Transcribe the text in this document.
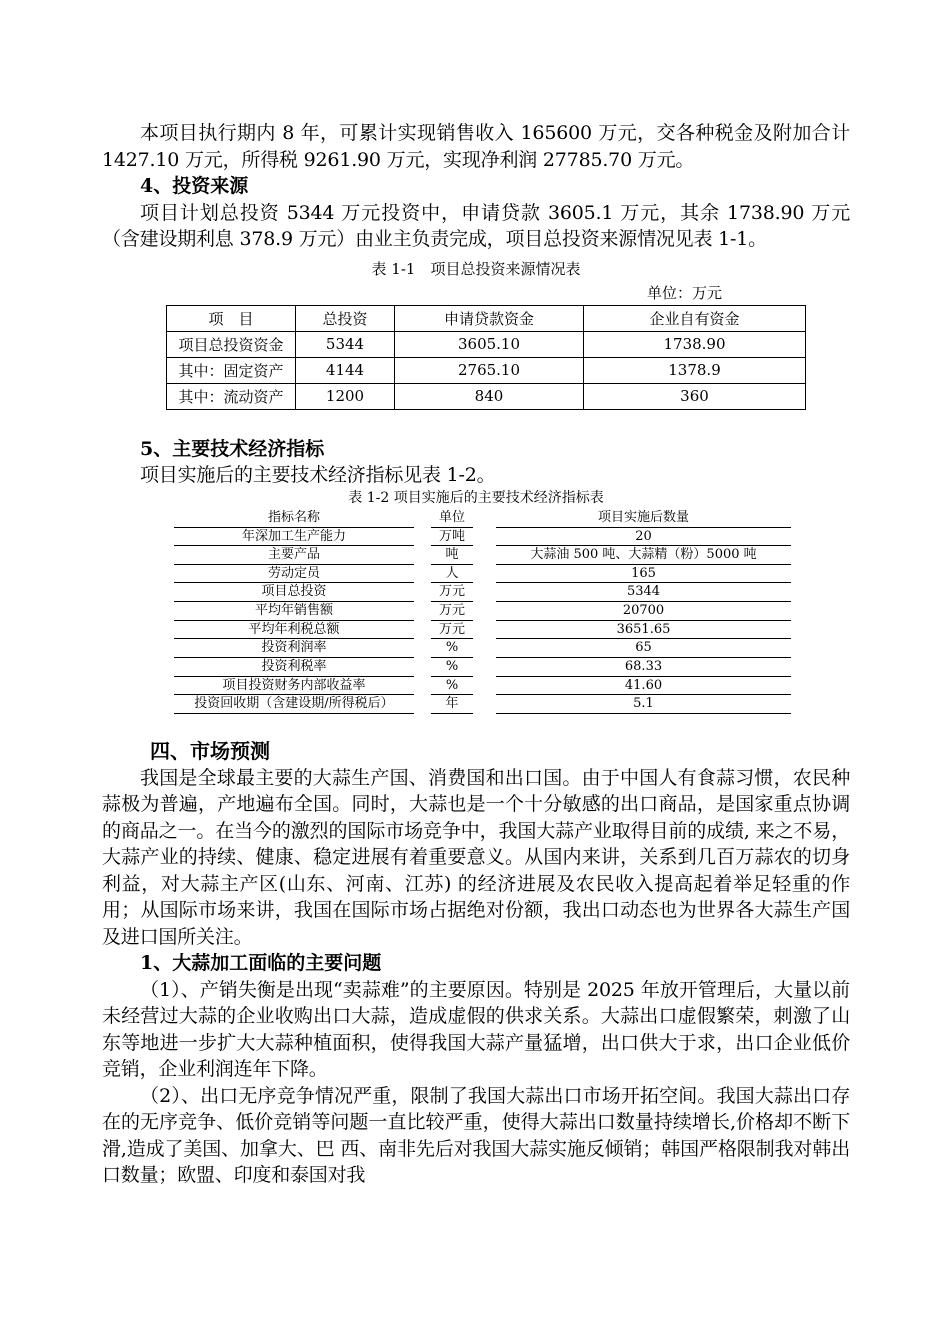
本项目执行期内 8 年，可累计实现销售收入 165600 万元，交各种税金及附加合计 1427.10 万元，所得税 9261.90 万元，实现净利润 27785.70 万元。

4、投资来源

项目计划总投资 5344 万元投资中，申请贷款 3605.1 万元，其余 1738.90 万元（含建设期利息 378.9 万元）由业主负责完成，项目总投资来源情况见表 1-1。

表 1-1　项目总投资来源情况表
单位：万元
项　目	总投资	申请贷款资金	企业自有资金
项目总投资资金	5344	3605.10	1738.90
其中：固定资产	4144	2765.10	1378.9
其中：流动资产	1200	840	360

5、主要技术经济指标

项目实施后的主要技术经济指标见表 1-2。

表 1-2 项目实施后的主要技术经济指标表
指标名称	单位	项目实施后数量
年深加工生产能力	万吨	20
主要产品	吨	大蒜油 500 吨、大蒜精（粉）5000 吨
劳动定员	人	165
项目总投资	万元	5344
平均年销售额	万元	20700
平均年利税总额	万元	3651.65
投资利润率	%	65
投资利税率	%	68.33
项目投资财务内部收益率	%	41.60
投资回收期（含建设期/所得税后）	年	5.1

四、市场预测

我国是全球最主要的大蒜生产国、消费国和出口国。由于中国人有食蒜习惯，农民种蒜极为普遍，产地遍布全国。同时，大蒜也是一个十分敏感的出口商品，是国家重点协调的商品之一。在当今的激烈的国际市场竞争中，我国大蒜产业取得目前的成绩, 来之不易，大蒜产业的持续、健康、稳定进展有着重要意义。从国内来讲，关系到几百万蒜农的切身利益，对大蒜主产区(山东、河南、江苏) 的经济进展及农民收入提高起着举足轻重的作用；从国际市场来讲，我国在国际市场占据绝对份额，我出口动态也为世界各大蒜生产国及进口国所关注。

1、大蒜加工面临的主要问题

（1）、产销失衡是出现“卖蒜难”的主要原因。特别是 2025 年放开管理后，大量以前未经营过大蒜的企业收购出口大蒜，造成虚假的供求关系。大蒜出口虚假繁荣，刺激了山东等地进一步扩大大蒜种植面积，使得我国大蒜产量猛增，出口供大于求，出口企业低价竞销，企业利润连年下降。

（2）、出口无序竞争情况严重，限制了我国大蒜出口市场开拓空间。我国大蒜出口存在的无序竞争、低价竞销等问题一直比较严重，使得大蒜出口数量持续增长,价格却不断下滑,造成了美国、加拿大、巴 西、南非先后对我国大蒜实施反倾销；韩国严格限制我对韩出口数量；欧盟、印度和泰国对我
